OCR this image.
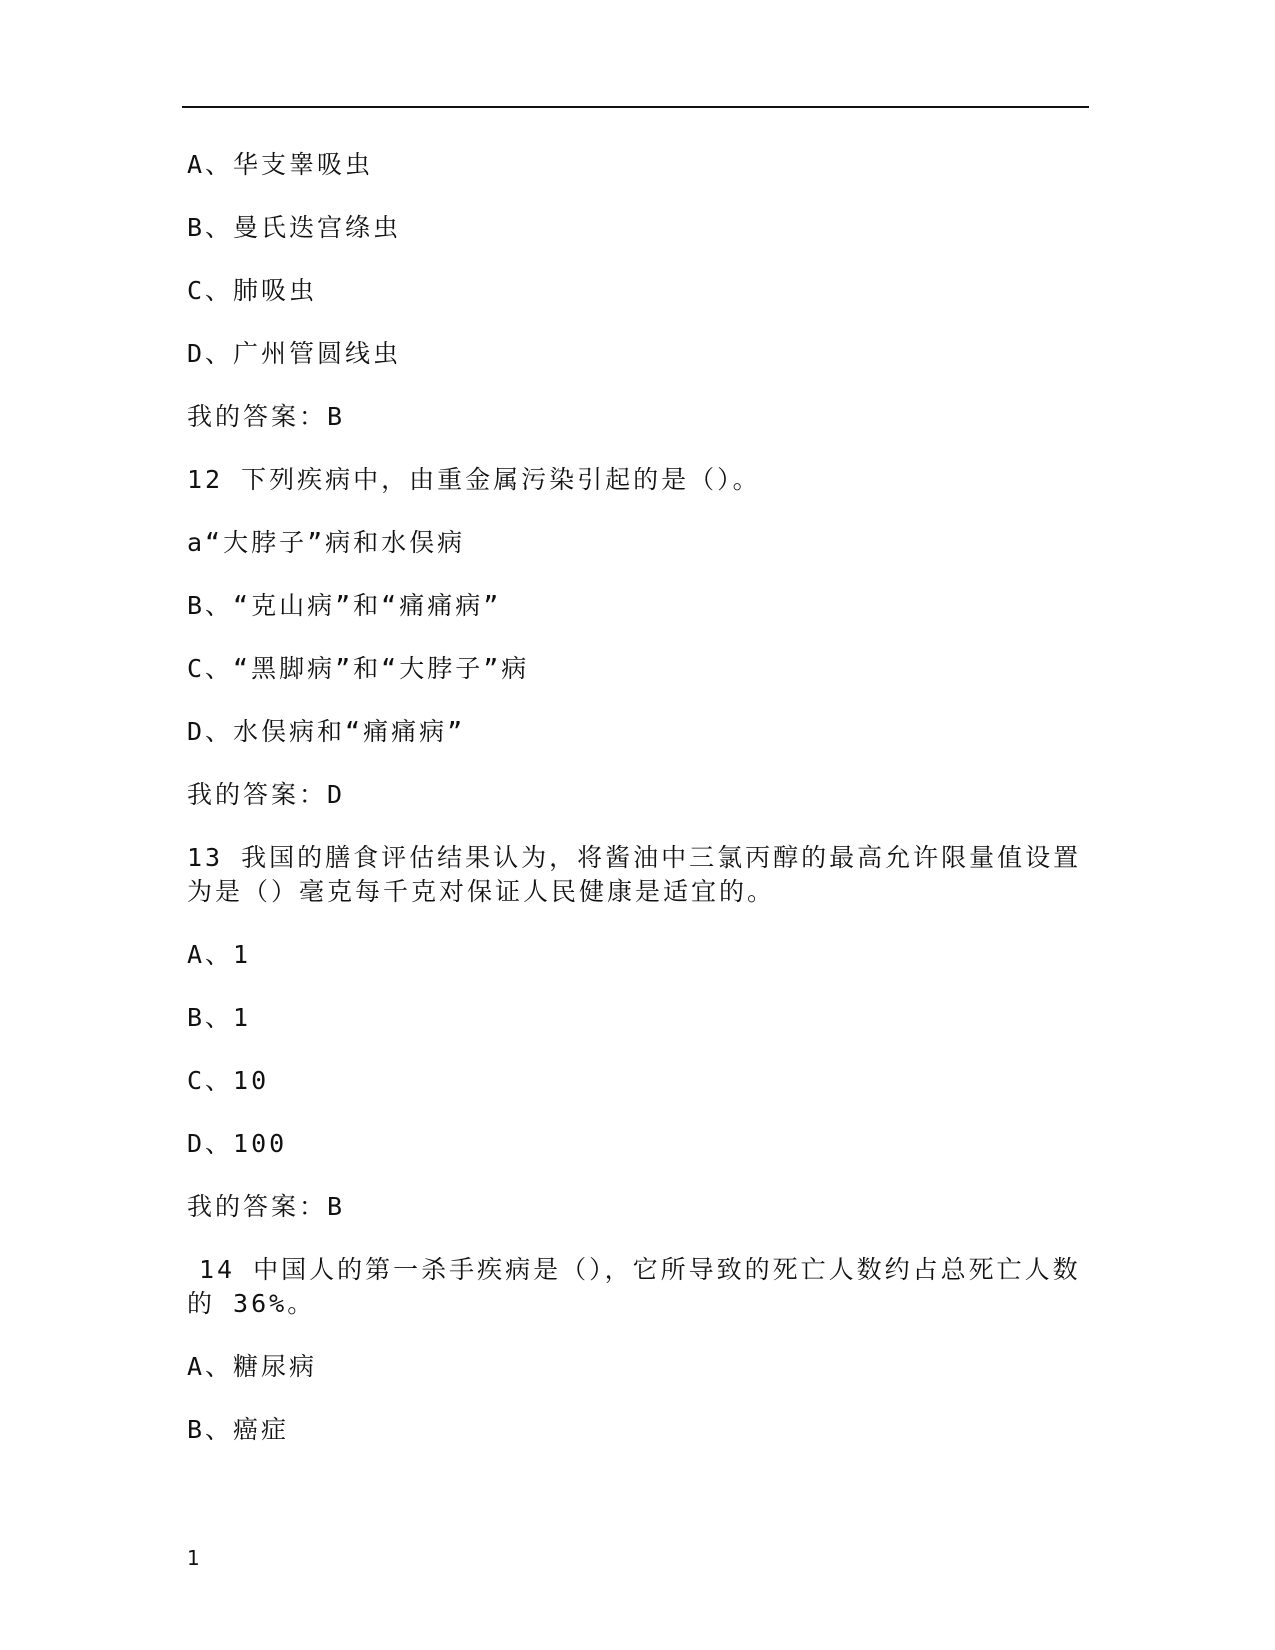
A、华支睾吸虫
B、曼氏迭宫绦虫
C、肺吸虫
D、广州管圆线虫
我的答案：B
12 下列疾病中，由重金属污染引起的是（）。
a“大脖子”病和水俣病
B、“克山病”和“痛痛病”
C、“黑脚病”和“大脖子”病
D、水俣病和“痛痛病”
我的答案：D
13 我国的膳食评估结果认为，将酱油中三氯丙醇的最高允许限量值设置为是（）毫克每千克对保证人民健康是适宜的。
A、1
B、1
C、10
D、100
我的答案：B
14 中国人的第一杀手疾病是（），它所导致的死亡人数约占总死亡人数的 36%。
A、糖尿病
B、癌症
1
